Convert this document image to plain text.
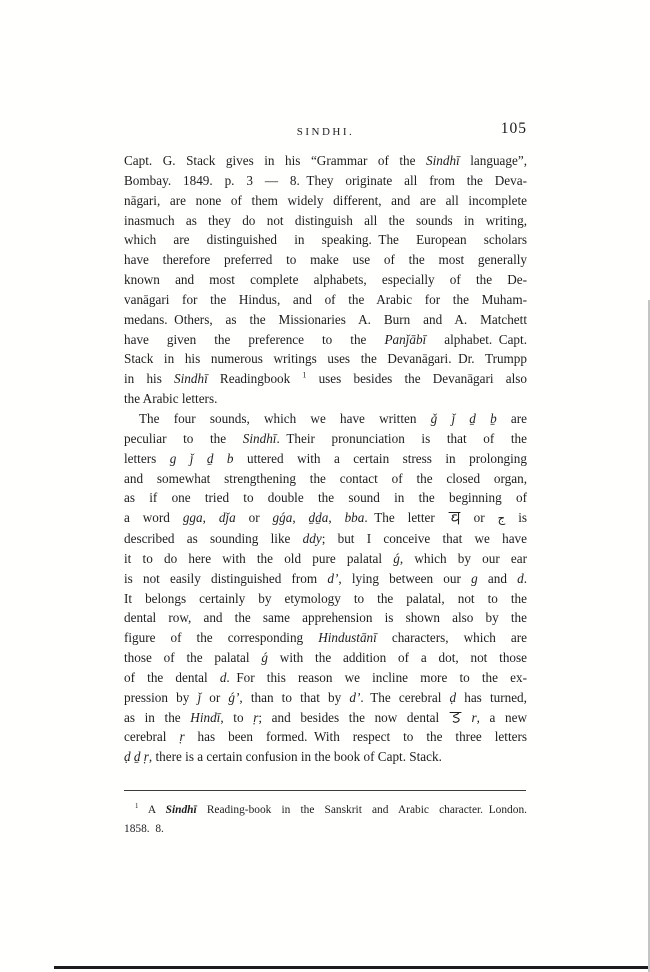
SINDHI.	105
Capt. G. Stack gives in his “Grammar of the Sindhī language”,
Bombay. 1849. p. 3 — 8. They originate all from the Deva-
nāgari, are none of them widely different, and are all incomplete
inasmuch as they do not distinguish all the sounds in writing,
which are distinguished in speaking. The European scholars
have therefore preferred to make use of the most generally
known and most complete alphabets, especially of the De-
vanāgari for the Hindus, and of the Arabic for the Muham-
medans. Others, as the Missionaries A. Burn and A. Matchett
have given the preference to the Panǰābī alphabet. Capt.
Stack in his numerous writings uses the Devanāgari. Dr. Trumpp
in his Sindhī Readingbook $^1$ uses besides the Devanāgari also
the Arabic letters.
The four sounds, which we have written ǧ ǰ ḏ ḇ are
peculiar to the Sindhī. Their pronunciation is that of the
letters g ǰ ḏ b uttered with a certain stress in prolonging
and somewhat strengthening the contact of the closed organ,
as if one tried to double the sound in the beginning of
a word gga, dǰa or gǵa, ḏḏa, bba. The letter  or ج is
described as sounding like ddy; but I conceive that we have
it to do here with the old pure palatal ǵ, which by our ear
is not easily distinguished from d’, lying between our g and d.
It belongs certainly by etymology to the palatal, not to the
dental row, and the same apprehension is shown also by the
figure of the corresponding Hindustānī characters, which are
those of the palatal ǵ with the addition of a dot, not those
of the dental d. For this reason we incline more to the ex-
pression by ǰ or ǵ’, than to that by d’. The cerebral ḍ has turned,
as in the Hindī, to ṛ; and besides the now dental  r, a new
cerebral ṛ has been formed. With respect to the three letters
ḍ ḏ ṛ, there is a certain confusion in the book of Capt. Stack.
$^1$ A Sindhī Reading-book in the Sanskrit and Arabic character. London.
1858. 8.
